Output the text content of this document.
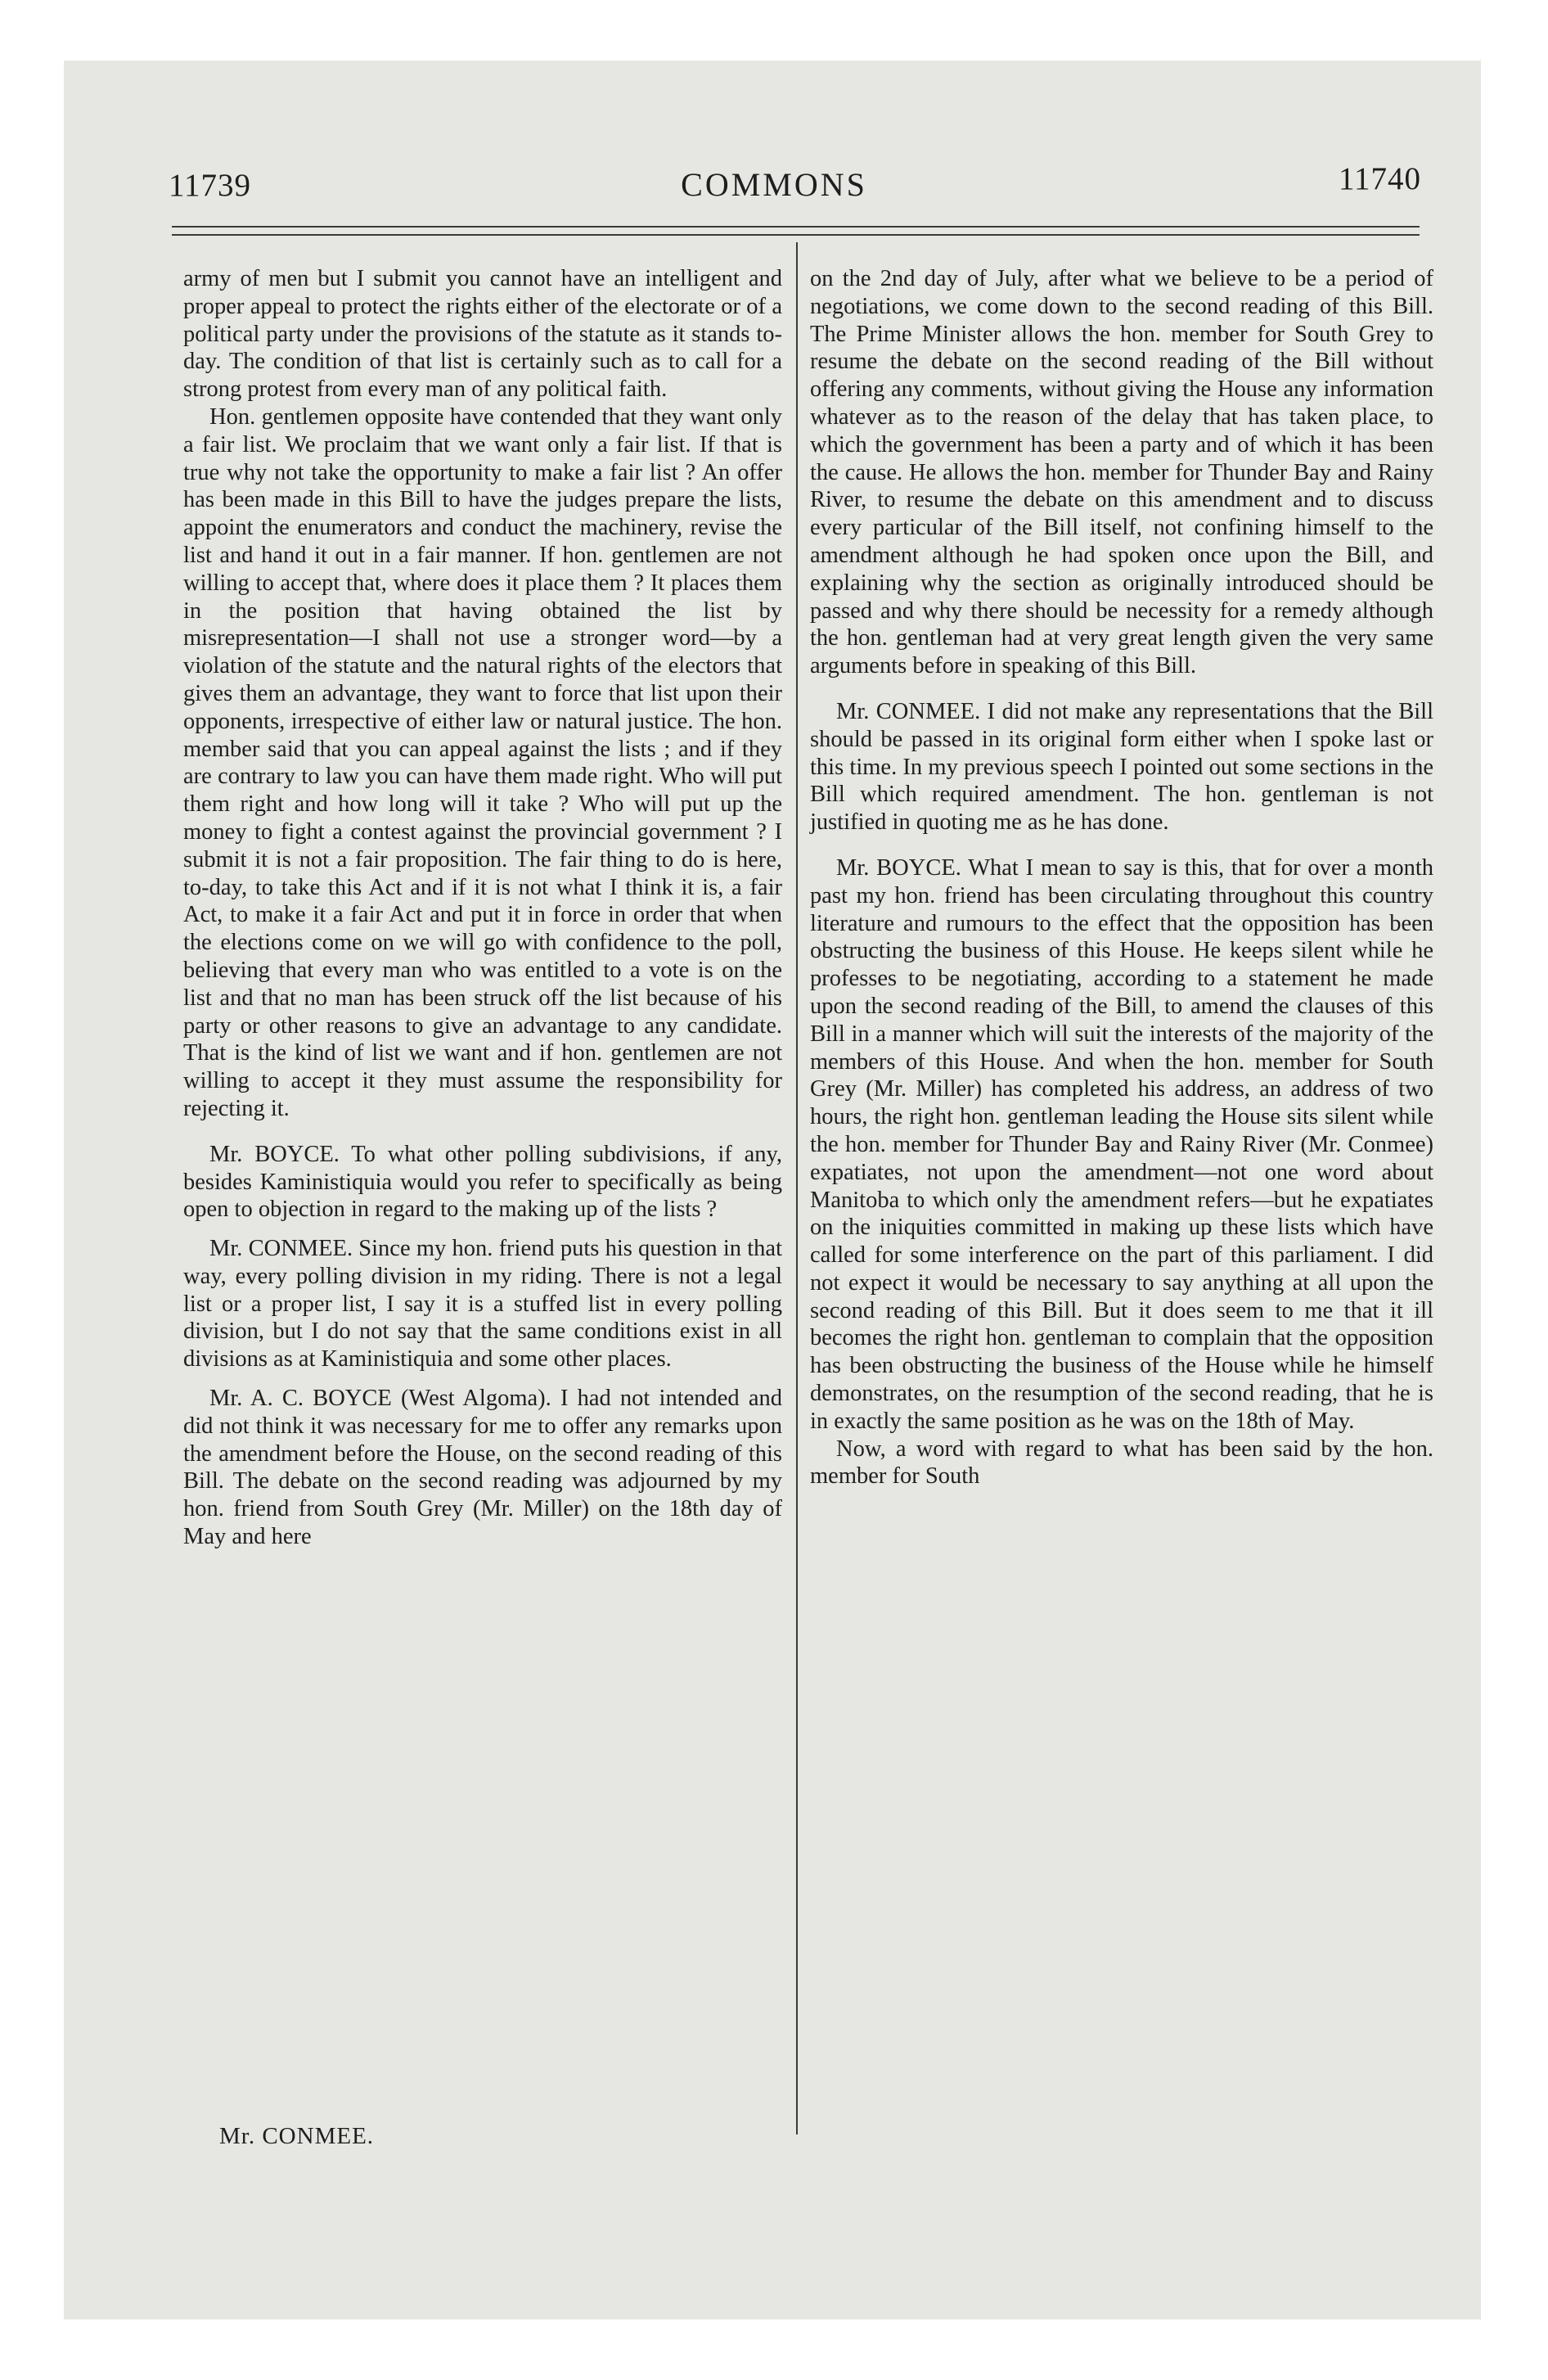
11739	COMMONS	11740

army of men but I submit you cannot have an intelligent and proper appeal to protect the rights either of the electorate or of a political party under the provisions of the statute as it stands to-day. The condition of that list is certainly such as to call for a strong protest from every man of any political faith.

Hon. gentlemen opposite have contended that they want only a fair list. We proclaim that we want only a fair list. If that is true why not take the opportunity to make a fair list ? An offer has been made in this Bill to have the judges prepare the lists, appoint the enumerators and conduct the machinery, revise the list and hand it out in a fair manner. If hon. gentlemen are not willing to accept that, where does it place them ? It places them in the position that having obtained the list by misrepresentation—I shall not use a stronger word—by a violation of the statute and the natural rights of the electors that gives them an advantage, they want to force that list upon their opponents, irrespective of either law or natural justice. The hon. member said that you can appeal against the lists ; and if they are contrary to law you can have them made right. Who will put them right and how long will it take ? Who will put up the money to fight a contest against the provincial government ? I submit it is not a fair proposition. The fair thing to do is here, to-day, to take this Act and if it is not what I think it is, a fair Act, to make it a fair Act and put it in force in order that when the elections come on we will go with confidence to the poll, believing that every man who was entitled to a vote is on the list and that no man has been struck off the list because of his party or other reasons to give an advantage to any candidate. That is the kind of list we want and if hon. gentlemen are not willing to accept it they must assume the responsibility for rejecting it.

Mr. BOYCE. To what other polling subdivisions, if any, besides Kaministiquia would you refer to specifically as being open to objection in regard to the making up of the lists ?

Mr. CONMEE. Since my hon. friend puts his question in that way, every polling division in my riding. There is not a legal list or a proper list, I say it is a stuffed list in every polling division, but I do not say that the same conditions exist in all divisions as at Kaministiquia and some other places.

Mr. A. C. BOYCE (West Algoma). I had not intended and did not think it was necessary for me to offer any remarks upon the amendment before the House, on the second reading of this Bill. The debate on the second reading was adjourned by my hon. friend from South Grey (Mr. Miller) on the 18th day of May and here

on the 2nd day of July, after what we believe to be a period of negotiations, we come down to the second reading of this Bill. The Prime Minister allows the hon. member for South Grey to resume the debate on the second reading of the Bill without offering any comments, without giving the House any information whatever as to the reason of the delay that has taken place, to which the government has been a party and of which it has been the cause. He allows the hon. member for Thunder Bay and Rainy River, to resume the debate on this amendment and to discuss every particular of the Bill itself, not confining himself to the amendment although he had spoken once upon the Bill, and explaining why the section as originally introduced should be passed and why there should be necessity for a remedy although the hon. gentleman had at very great length given the very same arguments before in speaking of this Bill.

Mr. CONMEE. I did not make any representations that the Bill should be passed in its original form either when I spoke last or this time. In my previous speech I pointed out some sections in the Bill which required amendment. The hon. gentleman is not justified in quoting me as he has done.

Mr. BOYCE. What I mean to say is this, that for over a month past my hon. friend has been circulating throughout this country literature and rumours to the effect that the opposition has been obstructing the business of this House. He keeps silent while he professes to be negotiating, according to a statement he made upon the second reading of the Bill, to amend the clauses of this Bill in a manner which will suit the interests of the majority of the members of this House. And when the hon. member for South Grey (Mr. Miller) has completed his address, an address of two hours, the right hon. gentleman leading the House sits silent while the hon. member for Thunder Bay and Rainy River (Mr. Conmee) expatiates, not upon the amendment—not one word about Manitoba to which only the amendment refers—but he expatiates on the iniquities committed in making up these lists which have called for some interference on the part of this parliament. I did not expect it would be necessary to say anything at all upon the second reading of this Bill. But it does seem to me that it ill becomes the right hon. gentleman to complain that the opposition has been obstructing the business of the House while he himself demonstrates, on the resumption of the second reading, that he is in exactly the same position as he was on the 18th of May.

Now, a word with regard to what has been said by the hon. member for South

Mr. CONMEE.
